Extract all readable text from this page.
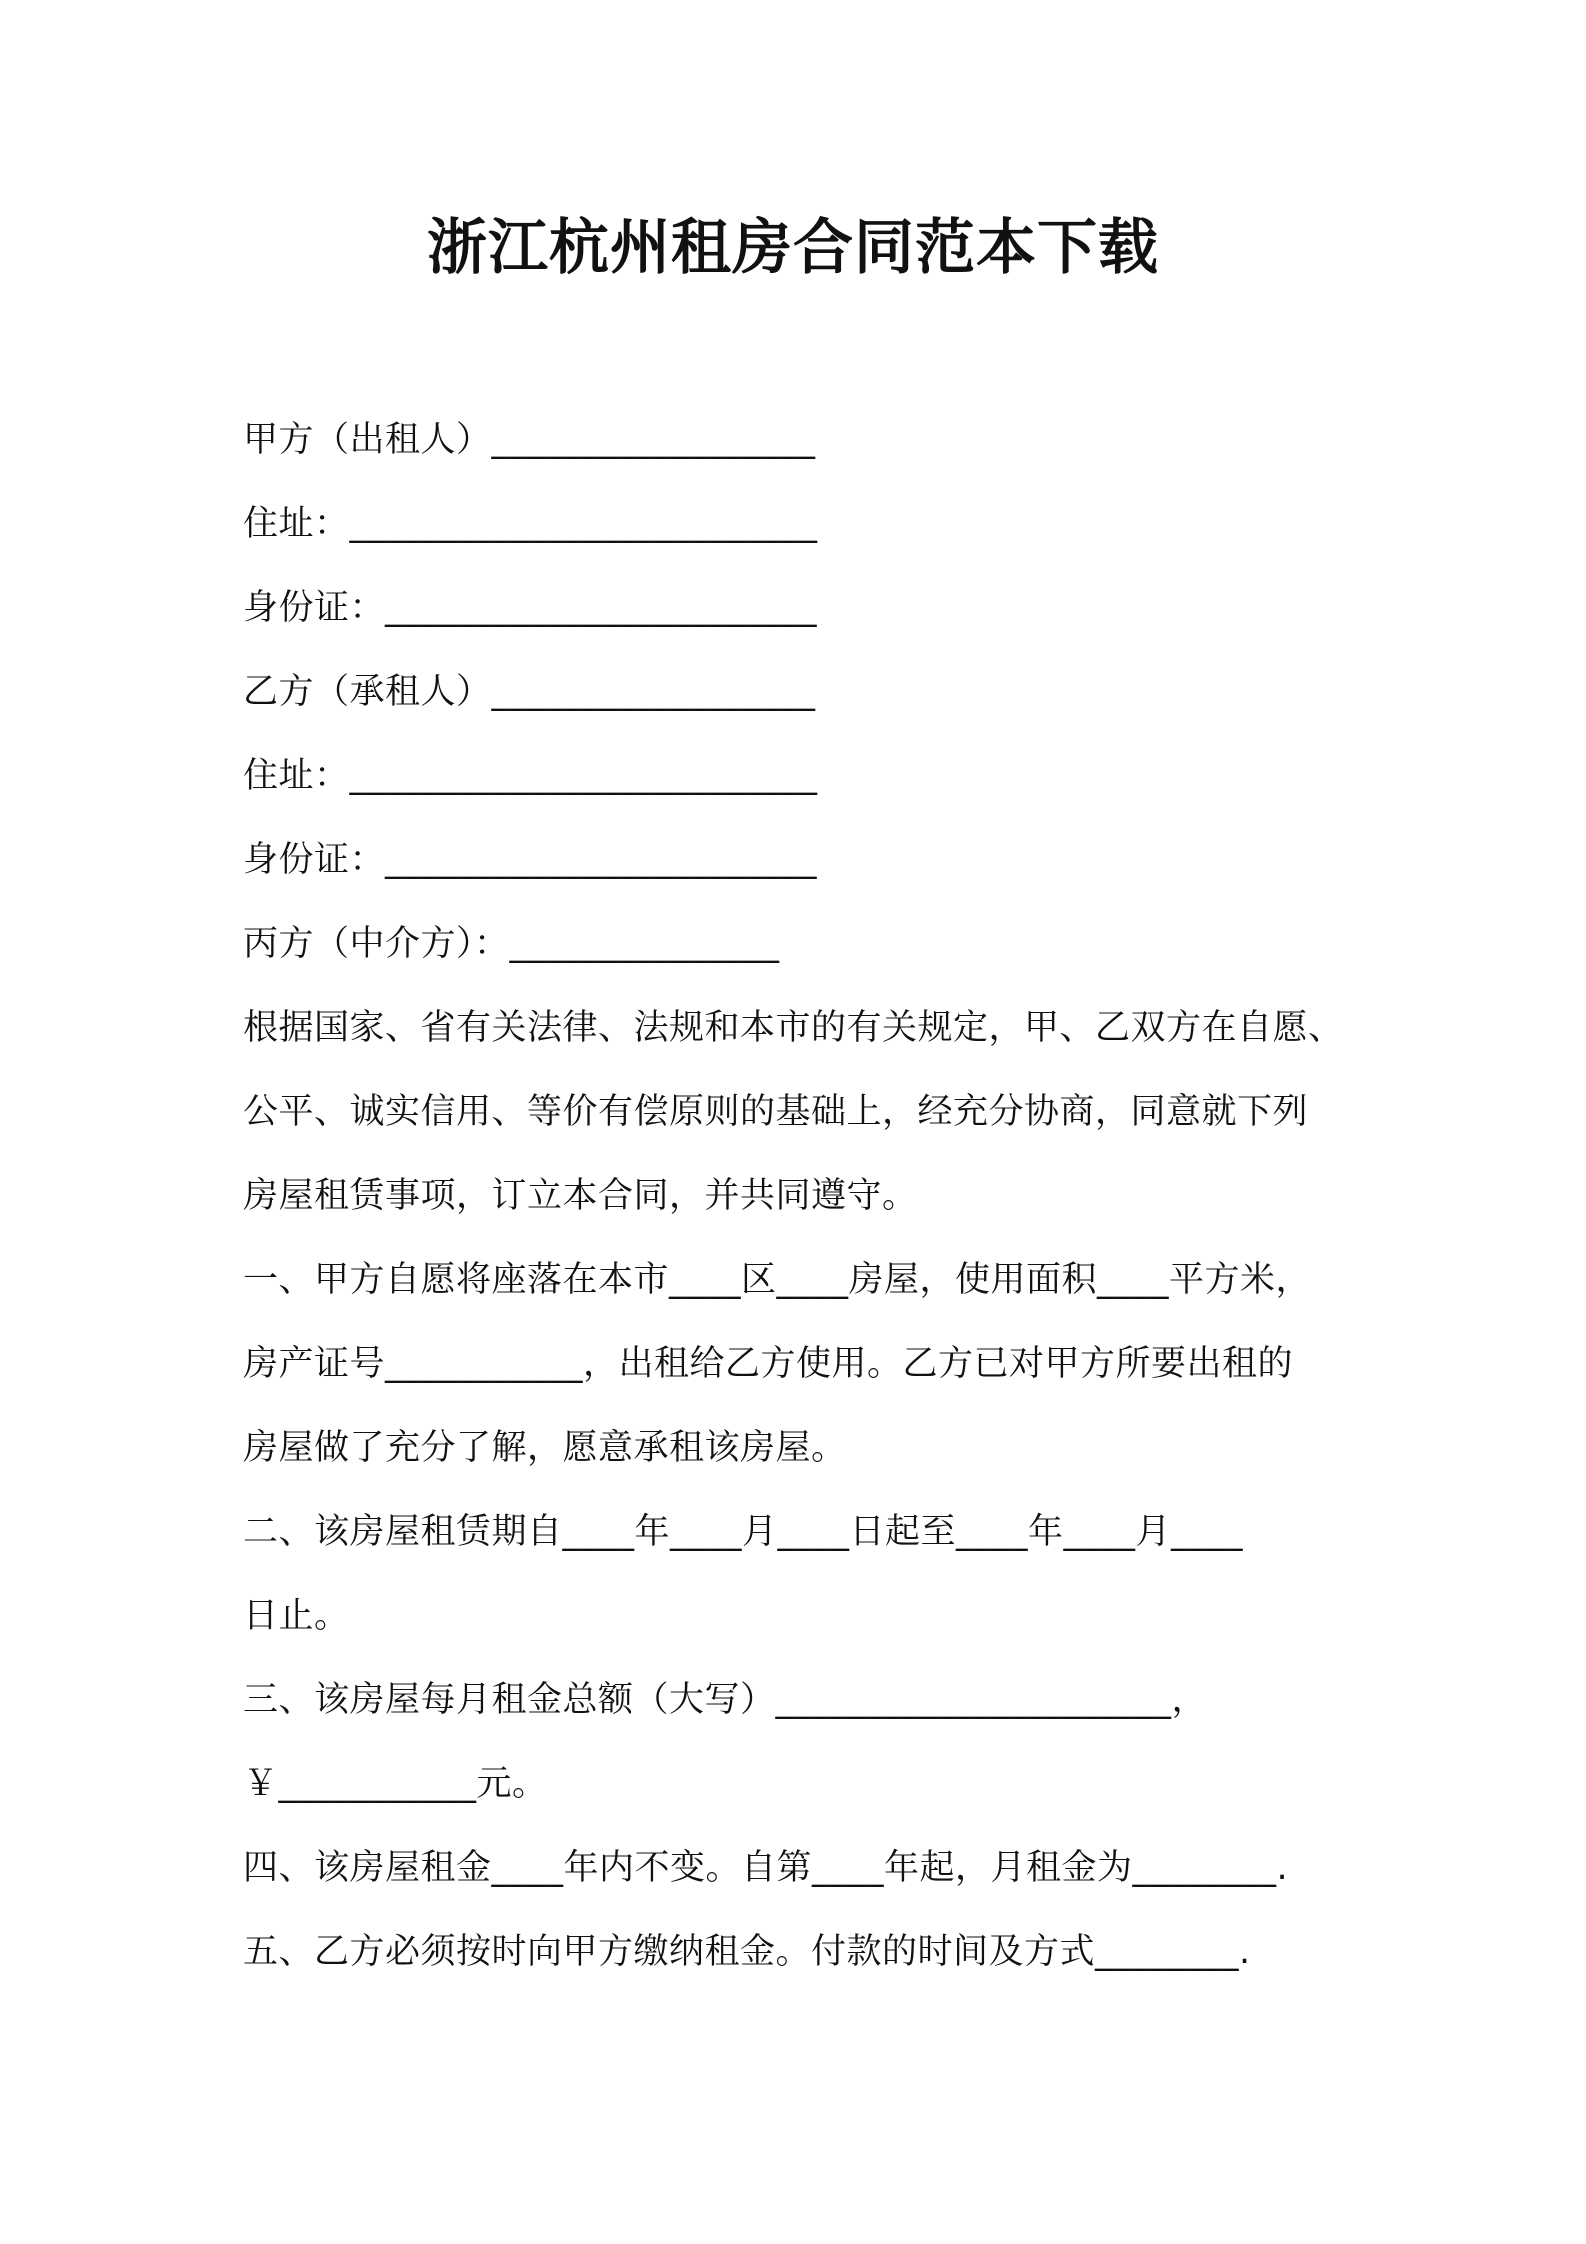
浙江杭州租房合同范本下载
甲方（出租人）__________________
住址：__________________________
身份证：________________________
乙方（承租人）__________________
住址：__________________________
身份证：________________________
丙方（中介方）：_______________
根据国家、省有关法律、法规和本市的有关规定，甲、乙双方在自愿、
公平、诚实信用、等价有偿原则的基础上，经充分协商，同意就下列
房屋租赁事项，订立本合同，并共同遵守。
一、甲方自愿将座落在本市____区____房屋，使用面积____平方米，
房产证号___________，出租给乙方使用。乙方已对甲方所要出租的
房屋做了充分了解，愿意承租该房屋。
二、该房屋租赁期自____年____月____日起至____年____月____
日止。
三、该房屋每月租金总额（大写）______________________，
￥___________元。
四、该房屋租金____年内不变。自第____年起，月租金为________.
五、乙方必须按时向甲方缴纳租金。付款的时间及方式________.
